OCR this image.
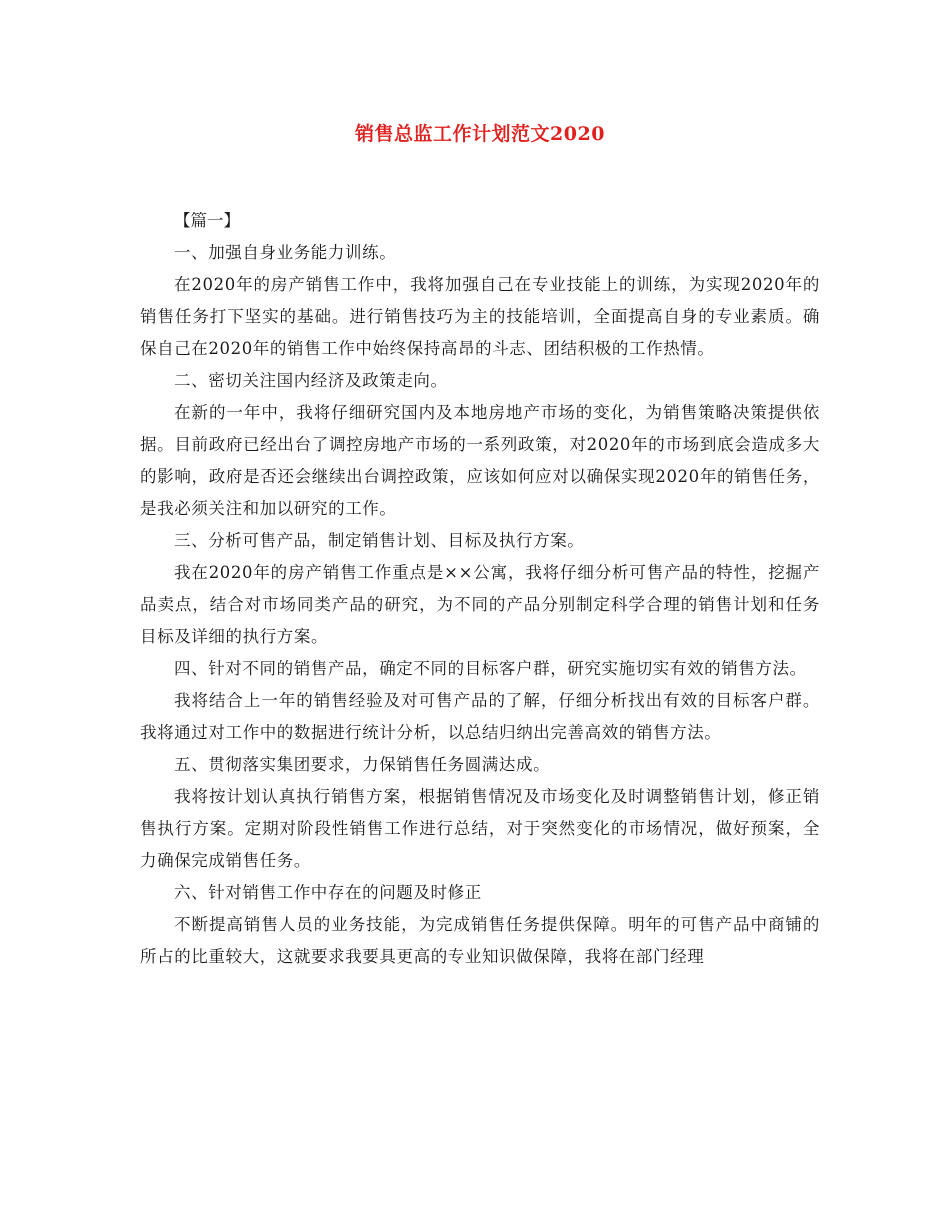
销售总监工作计划范文2020

【篇一】

一、加强自身业务能力训练。

在2020年的房产销售工作中，我将加强自己在专业技能上的训练，为实现2020年的销售任务打下坚实的基础。进行销售技巧为主的技能培训，全面提高自身的专业素质。确保自己在2020年的销售工作中始终保持高昂的斗志、团结积极的工作热情。

二、密切关注国内经济及政策走向。

在新的一年中，我将仔细研究国内及本地房地产市场的变化，为销售策略决策提供依据。目前政府已经出台了调控房地产市场的一系列政策，对2020年的市场到底会造成多大的影响，政府是否还会继续出台调控政策，应该如何应对以确保实现2020年的销售任务，是我必须关注和加以研究的工作。

三、分析可售产品，制定销售计划、目标及执行方案。

我在2020年的房产销售工作重点是××公寓，我将仔细分析可售产品的特性，挖掘产品卖点，结合对市场同类产品的研究，为不同的产品分别制定科学合理的销售计划和任务目标及详细的执行方案。

四、针对不同的销售产品，确定不同的目标客户群，研究实施切实有效的销售方法。

我将结合上一年的销售经验及对可售产品的了解，仔细分析找出有效的目标客户群。我将通过对工作中的数据进行统计分析，以总结归纳出完善高效的销售方法。

五、贯彻落实集团要求，力保销售任务圆满达成。

我将按计划认真执行销售方案，根据销售情况及市场变化及时调整销售计划，修正销售执行方案。定期对阶段性销售工作进行总结，对于突然变化的市场情况，做好预案，全力确保完成销售任务。

六、针对销售工作中存在的问题及时修正

不断提高销售人员的业务技能，为完成销售任务提供保障。明年的可售产品中商铺的所占的比重较大，这就要求我要具更高的专业知识做保障，我将在部门经理
